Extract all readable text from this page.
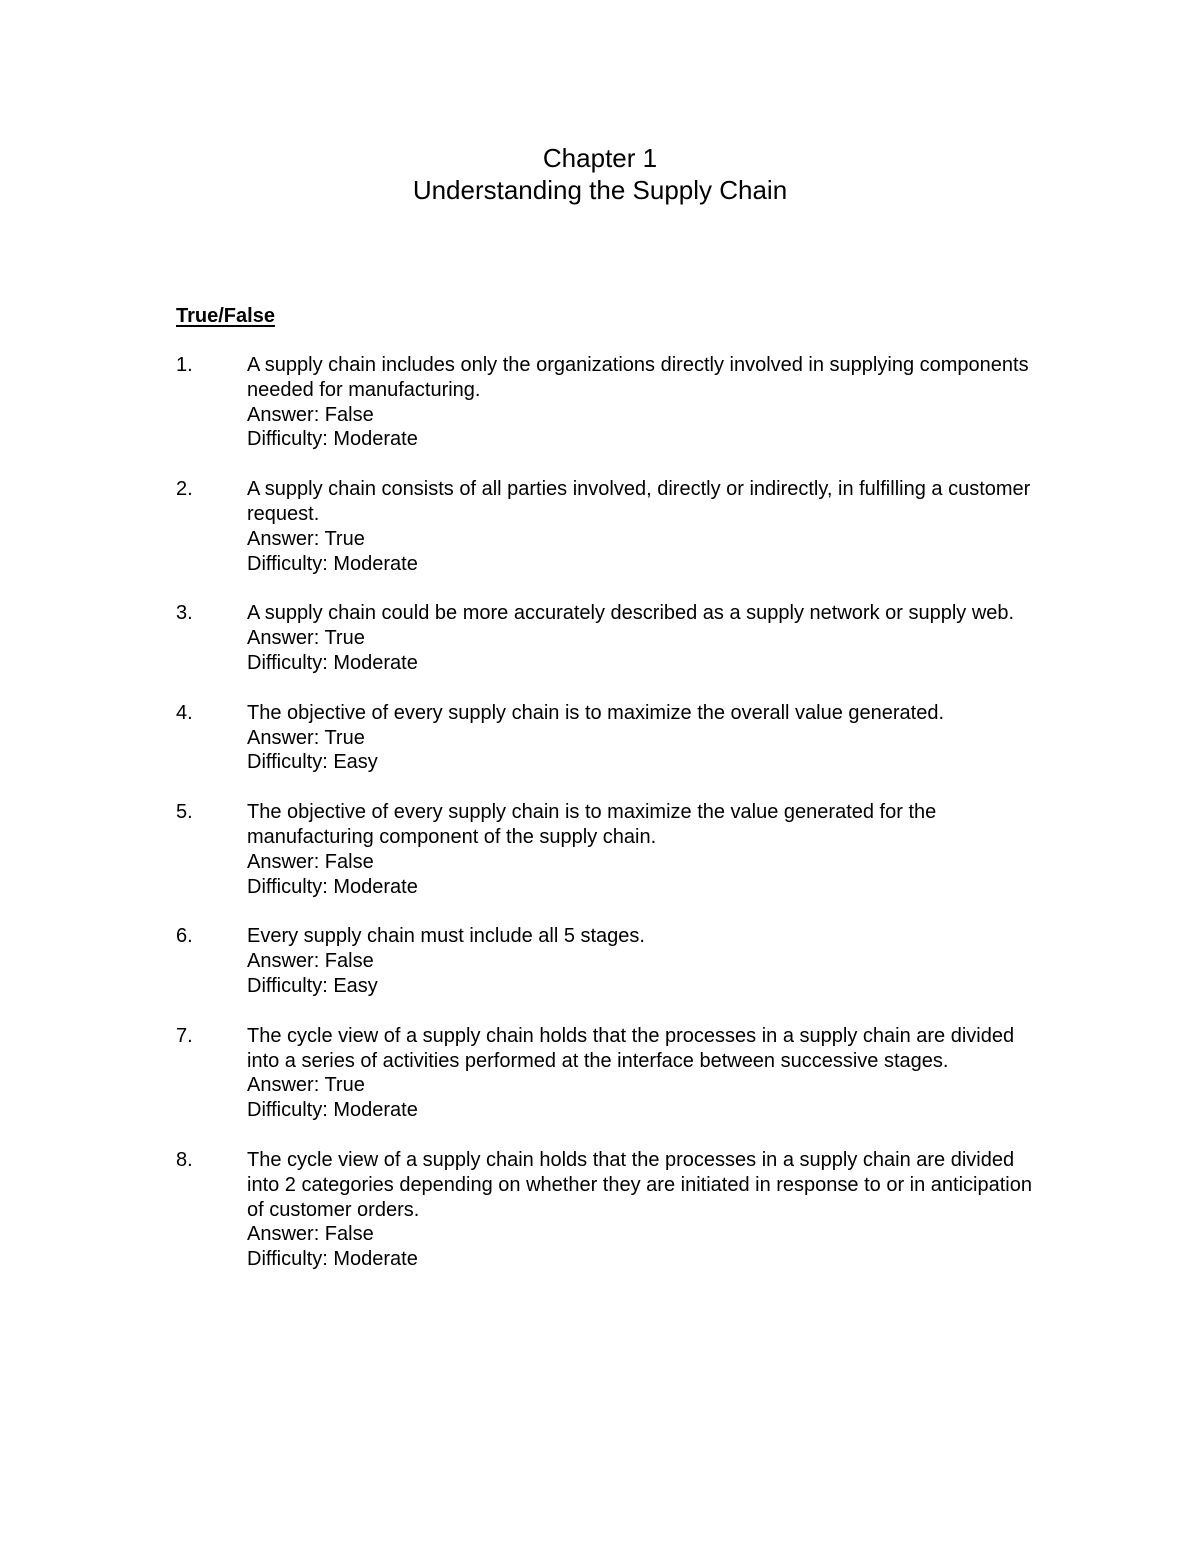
Chapter 1
Understanding the Supply Chain
True/False
1.	A supply chain includes only the organizations directly involved in supplying components needed for manufacturing.
Answer: False
Difficulty: Moderate
2.	A supply chain consists of all parties involved, directly or indirectly, in fulfilling a customer request.
Answer: True
Difficulty: Moderate
3.	A supply chain could be more accurately described as a supply network or supply web.
Answer: True
Difficulty: Moderate
4.	The objective of every supply chain is to maximize the overall value generated.
Answer: True
Difficulty: Easy
5.	The objective of every supply chain is to maximize the value generated for the manufacturing component of the supply chain.
Answer: False
Difficulty: Moderate
6.	Every supply chain must include all 5 stages.
Answer: False
Difficulty: Easy
7.	The cycle view of a supply chain holds that the processes in a supply chain are divided into a series of activities performed at the interface between successive stages.
Answer: True
Difficulty: Moderate
8.	The cycle view of a supply chain holds that the processes in a supply chain are divided into 2 categories depending on whether they are initiated in response to or in anticipation of customer orders.
Answer: False
Difficulty: Moderate
